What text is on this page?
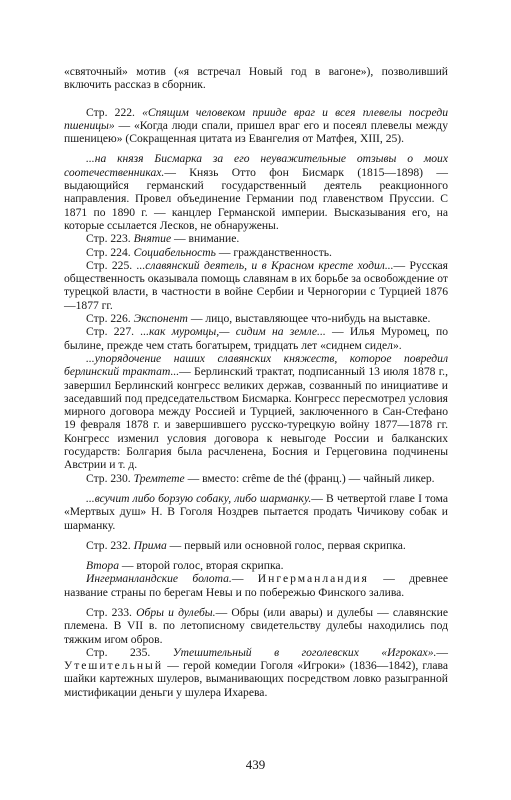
«святочный» мотив («я встречал Новый год в вагоне»), позволивший включить рассказ в сборник.

Стр. 222. «Спящим человеком прииде враг и всея плевелы посреди пшеницы» — «Когда люди спали, пришел враг его и посеял плевелы между пшеницею» (Сокращенная цитата из Евангелия от Матфея, XIII, 25).

...на князя Бисмарка за его неуважительные отзывы о моих соотечественниках.— Князь Отто фон Бисмарк (1815—1898) — выдающийся германский государственный деятель реакционного направления. Провел объединение Германии под главенством Пруссии. С 1871 по 1890 г. — канцлер Германской империи. Высказывания его, на которые ссылается Лесков, не обнаружены.

Стр. 223. Внятие — внимание.

Стр. 224. Социабельность — гражданственность.

Стр. 225. ...славянский деятель, и в Красном кресте ходил...— Русская общественность оказывала помощь славянам в их борьбе за освобождение от турецкой власти, в частности в войне Сербии и Черногории с Турцией 1876—1877 гг.

Стр. 226. Экспонент — лицо, выставляющее что-нибудь на выставке.

Стр. 227. ...как муромцы,— сидим на земле... — Илья Муромец, по былине, прежде чем стать богатырем, тридцать лет «сиднем сидел».

...упорядочение наших славянских княжеств, которое повредил берлинский трактат...— Берлинский трактат, подписанный 13 июля 1878 г., завершил Берлинский конгресс великих держав, созванный по инициативе и заседавший под председательством Бисмарка. Конгресс пересмотрел условия мирного договора между Россией и Турцией, заключенного в Сан-Стефано 19 февраля 1878 г. и завершившего русско-турецкую войну 1877—1878 гг. Конгресс изменил условия договора к невыгоде России и балканских государств: Болгария была расчленена, Босния и Герцеговина подчинены Австрии и т. д.

Стр. 230. Тремтете — вместо: crême de thé (франц.) — чайный ликер.

...всучит либо борзую собаку, либо шарманку.— В четвертой главе I тома «Мертвых душ» Н. В Гоголя Ноздрев пытается продать Чичикову собак и шарманку.

Стр. 232. Прима — первый или основной голос, первая скрипка.

Втора — второй голос, вторая скрипка.

Ингерманландские болота.— Ингерманландия — древнее название страны по берегам Невы и по побережью Финского залива.

Стр. 233. Обры и дулебы.— Обры (или авары) и дулебы — славянские племена. В VII в. по летописному свидетельству дулебы находились под тяжким игом обров.

Стр. 235. Утешительный в гоголевских «Игроках».— Утешительный — герой комедии Гоголя «Игроки» (1836—1842), глава шайки картежных шулеров, выманивающих посредством ловко разыгранной мистификации деньги у шулера Ихарева.

439
